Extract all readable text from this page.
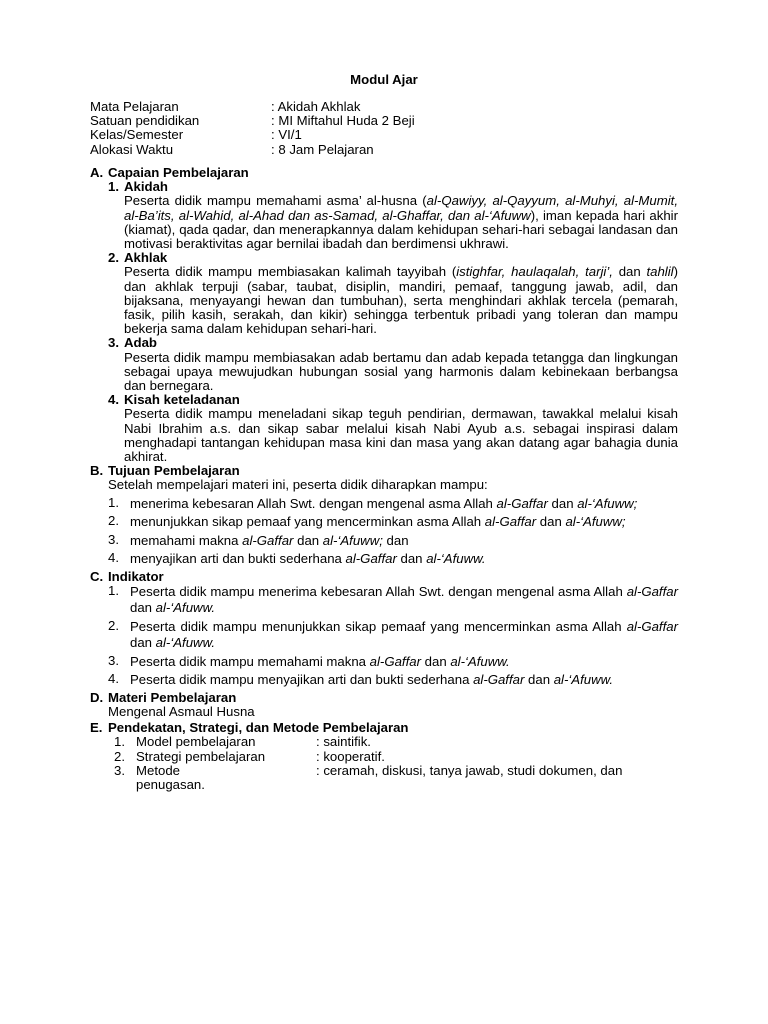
Modul Ajar
Mata Pelajaran	: Akidah Akhlak
Satuan pendidikan	: MI Miftahul Huda 2 Beji
Kelas/Semester	: VI/1
Alokasi Waktu	: 8 Jam Pelajaran
A. Capaian Pembelajaran
1. Akidah
Peserta didik mampu memahami asma’ al-husna (al-Qawiyy, al-Qayyum, al-Muhyi, al-Mumit, al-Ba’its, al-Wahid, al-Ahad dan as-Samad, al-Ghaffar, dan al-‘Afuww), iman kepada hari akhir (kiamat), qada qadar, dan menerapkannya dalam kehidupan sehari-hari sebagai landasan dan motivasi beraktivitas agar bernilai ibadah dan berdimensi ukhrawi.
2. Akhlak
Peserta didik mampu membiasakan kalimah tayyibah (istighfar, haulaqalah, tarji’, dan tahlil) dan akhlak terpuji (sabar, taubat, disiplin, mandiri, pemaaf, tanggung jawab, adil, dan bijaksana, menyayangi hewan dan tumbuhan), serta menghindari akhlak tercela (pemarah, fasik, pilih kasih, serakah, dan kikir) sehingga terbentuk pribadi yang toleran dan mampu bekerja sama dalam kehidupan sehari-hari.
3. Adab
Peserta didik mampu membiasakan adab bertamu dan adab kepada tetangga dan lingkungan sebagai upaya mewujudkan hubungan sosial yang harmonis dalam kebinekaan berbangsa dan bernegara.
4. Kisah keteladanan
Peserta didik mampu meneladani sikap teguh pendirian, dermawan, tawakkal melalui kisah Nabi Ibrahim a.s. dan sikap sabar melalui kisah Nabi Ayub a.s. sebagai inspirasi dalam menghadapi tantangan kehidupan masa kini dan masa yang akan datang agar bahagia dunia akhirat.
B. Tujuan Pembelajaran
Setelah mempelajari materi ini, peserta didik diharapkan mampu:
1. menerima kebesaran Allah Swt. dengan mengenal asma Allah al-Gaffar dan al-‘Afuww;
2. menunjukkan sikap pemaaf yang mencerminkan asma Allah al-Gaffar dan al-‘Afuww;
3. memahami makna al-Gaffar dan al-‘Afuww; dan
4. menyajikan arti dan bukti sederhana al-Gaffar dan al-‘Afuww.
C. Indikator
1. Peserta didik mampu menerima kebesaran Allah Swt. dengan mengenal asma Allah al-Gaffar dan al-‘Afuww.
2. Peserta didik mampu menunjukkan sikap pemaaf yang mencerminkan asma Allah al-Gaffar dan al-‘Afuww.
3. Peserta didik mampu memahami makna al-Gaffar dan al-‘Afuww.
4. Peserta didik mampu menyajikan arti dan bukti sederhana al-Gaffar dan al-‘Afuww.
D. Materi Pembelajaran
Mengenal Asmaul Husna
E. Pendekatan, Strategi, dan Metode Pembelajaran
1. Model pembelajaran	: saintifik.
2. Strategi pembelajaran	: kooperatif.
3. Metode	: ceramah, diskusi, tanya jawab, studi dokumen, dan
penugasan.
